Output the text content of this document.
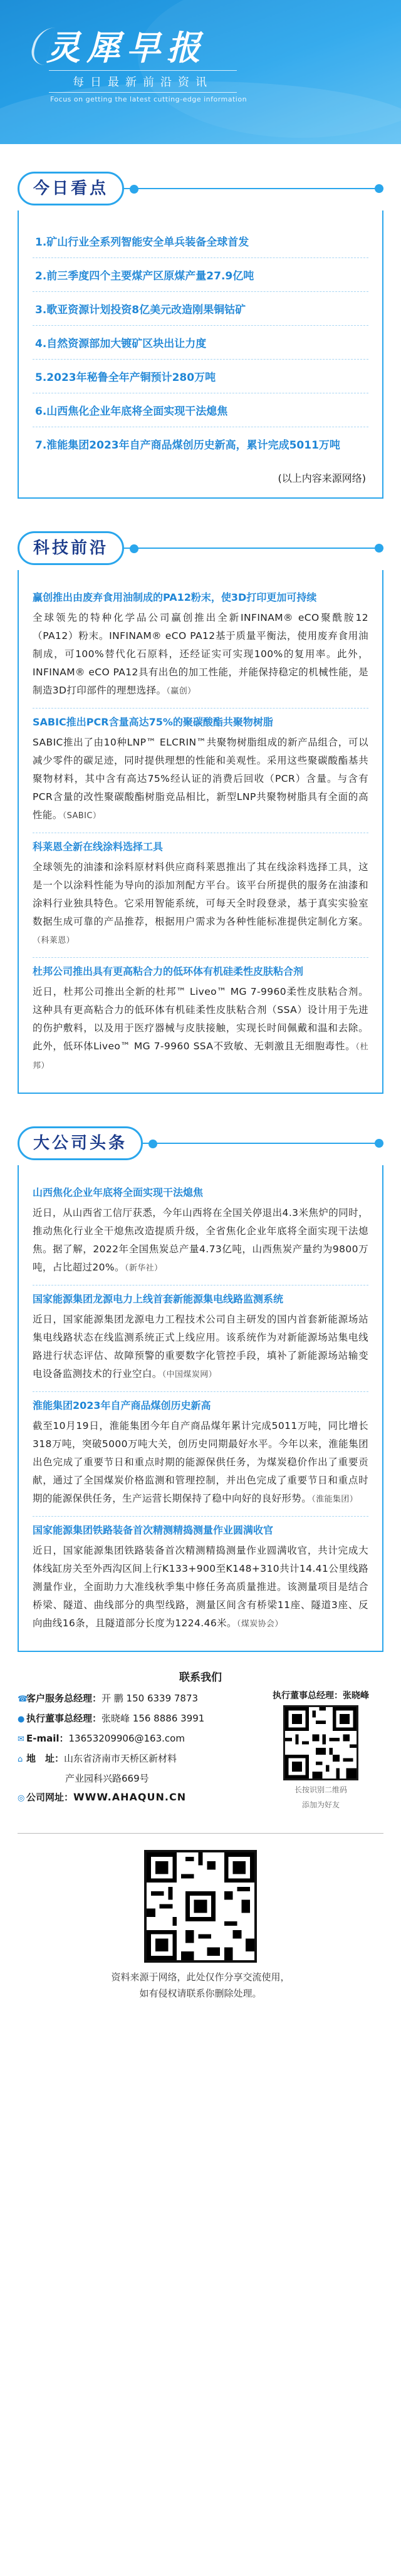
灵犀早报
每日最新前沿资讯
Focus on getting the latest cutting-edge information
今日看点
1.矿山行业全系列智能安全单兵装备全球首发
2.前三季度四个主要煤产区原煤产量27.9亿吨
3.歌亚资源计划投资8亿美元改造刚果铜钴矿
4.自然资源部加大镀矿区块出让力度
5.2023年秘鲁全年产铜预计280万吨
6.山西焦化企业年底将全面实现干法熄焦
7.淮能集团2023年自产商品煤创历史新高，累计完成5011万吨
(以上内容来源网络)
科技前沿
赢创推出由废弃食用油制成的PA12粉末，使3D打印更加可持续
全球领先的特种化学品公司赢创推出全新INFINAM® eCO聚酰胺12（PA12）粉末。INFINAM® eCO PA12基于质量平衡法，使用废弃食用油制成，可100%替代化石原料，还经证实可实现100%的复用率。此外，INFINAM® eCO PA12具有出色的加工性能，并能保持稳定的机械性能，是制造3D打印部件的理想选择。（赢创）
SABIC推出PCR含量高达75%的聚碳酸酯共聚物树脂
SABIC推出了由10种LNP™ ELCRIN™共聚物树脂组成的新产品组合，可以减少零件的碳足迹，同时提供理想的性能和美观性。采用这些聚碳酸酯基共聚物材料，其中含有高达75%经认证的消费后回收（PCR）含量。与含有PCR含量的改性聚碳酸酯树脂竞品相比，新型LNP共聚物树脂具有全面的高性能。（SABIC）
科莱恩全新在线涂料选择工具
全球领先的油漆和涂料原材料供应商科莱恩推出了其在线涂料选择工具，这是一个以涂料性能为导向的添加剂配方平台。该平台所提供的服务在油漆和涂料行业独具特色。它采用智能系统，可每天全时段登录，基于真实实验室数据生成可靠的产品推荐，根据用户需求为各种性能标准提供定制化方案。（科莱恩）
杜邦公司推出具有更高粘合力的低环体有机硅柔性皮肤粘合剂
近日，杜邦公司推出全新的杜邦™ Liveo™ MG 7-9960柔性皮肤粘合剂。这种具有更高粘合力的低环体有机硅柔性皮肤粘合剂（SSA）设计用于先进的伤护敷料，以及用于医疗器械与皮肤接触，实现长时间佩戴和温和去除。此外，低环体Liveo™ MG 7-9960 SSA不致敏、无刺激且无细胞毒性。（杜邦）
大公司头条
山西焦化企业年底将全面实现干法熄焦
近日，从山西省工信厅获悉，今年山西将在全国关停退出4.3米焦炉的同时，推动焦化行业全干熄焦改造提质升级，全省焦化企业年底将全面实现干法熄焦。据了解，2022年全国焦炭总产量4.73亿吨，山西焦炭产量约为9800万吨，占比超过20%。（新华社）
国家能源集团龙源电力上线首套新能源集电线路监测系统
近日，国家能源集团龙源电力工程技术公司自主研发的国内首套新能源场站集电线路状态在线监测系统正式上线应用。该系统作为对新能源场站集电线路进行状态评估、故障预警的重要数字化管控手段，填补了新能源场站输变电设备监测技术的行业空白。（中国煤炭网）
淮能集团2023年自产商品煤创历史新高
截至10月19日，淮能集团今年自产商品煤年累计完成5011万吨，同比增长318万吨，突破5000万吨大关，创历史同期最好水平。今年以来，淮能集团出色完成了重要节日和重点时期的能源保供任务，为煤炭稳价作出了重要贡献，通过了全国煤炭价格监测和管理控制，并出色完成了重要节日和重点时期的能源保供任务，生产运营长期保持了稳中向好的良好形势。（淮能集团）
国家能源集团铁路装备首次精测精捣测量作业圆满收官
近日，国家能源集团铁路装备首次精测精捣测量作业圆满收官，共计完成大体线缸房关至外西沟区间上行K133+900至K148+310共计14.41公里线路测量作业，全面助力大准线秋季集中修任务高质量推进。该测量项目是结合桥梁、隧道、曲线部分的典型线路，测量区间含有桥梁11座、隧道3座、反向曲线16条，且隧道部分长度为1224.46米。（煤炭协会）
联系我们
☎客户服务总经理：开 鹏 150 6339 7873
● 执行董事总经理：张晓峰 156 8886 3991
✉ E-mail：13653209906@163.com
⌂ 地　址：山东省济南市天桥区新材料
产业园科兴路669号
◎ 公司网址：WWW.AHAQUN.CN
执行董事总经理：张晓峰
长按识别二维码
添加为好友
资料来源于网络，此处仅作分享交流使用，
如有侵权请联系你删除处理。
